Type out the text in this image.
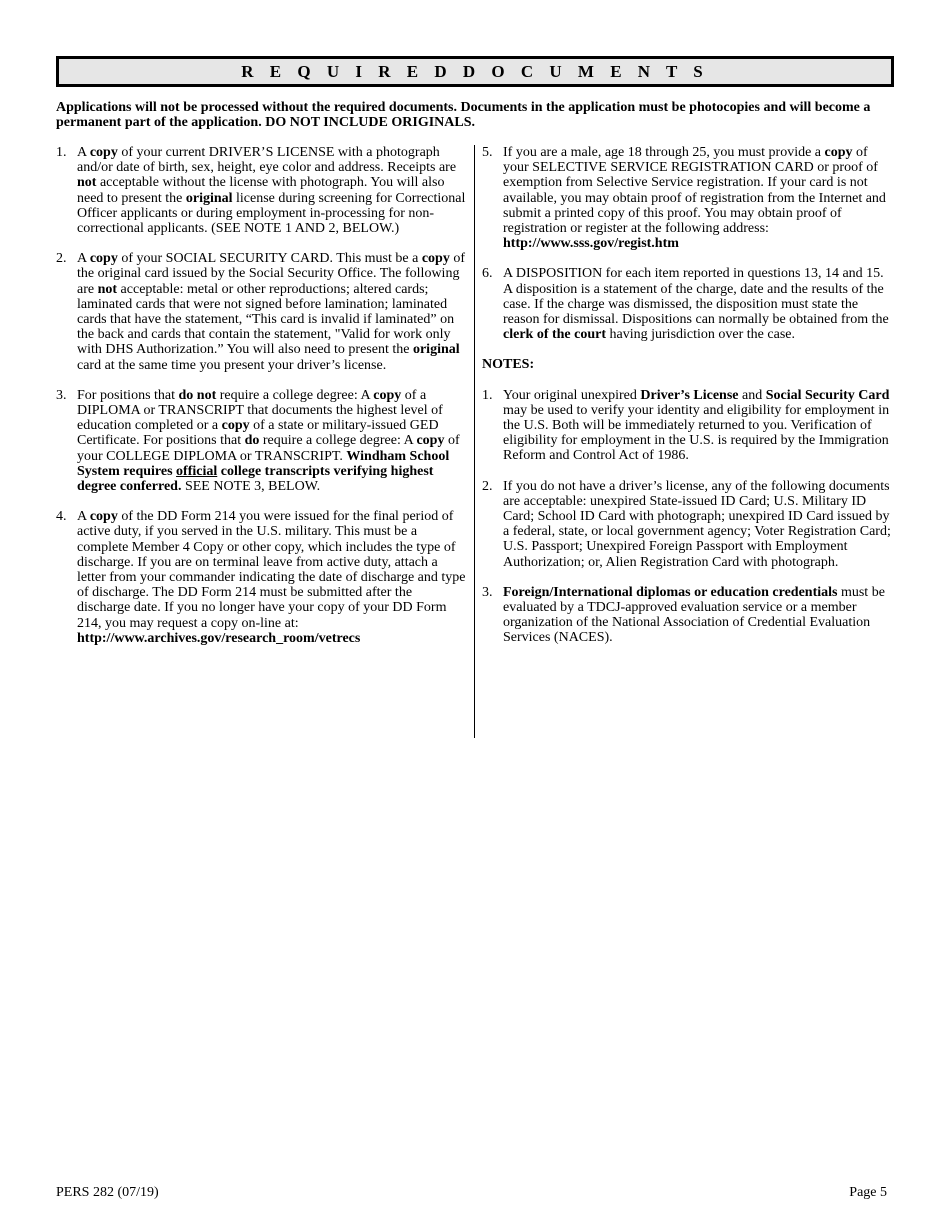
R E Q U I R E D D O C U M E N T S
Applications will not be processed without the required documents. Documents in the application must be photocopies and will become a permanent part of the application. DO NOT INCLUDE ORIGINALS.
1. A copy of your current DRIVER’S LICENSE with a photograph and/or date of birth, sex, height, eye color and address. Receipts are not acceptable without the license with photograph. You will also need to present the original license during screening for Correctional Officer applicants or during employment in-processing for non-correctional applicants. (SEE NOTE 1 AND 2, BELOW.)
2. A copy of your SOCIAL SECURITY CARD. This must be a copy of the original card issued by the Social Security Office. The following are not acceptable: metal or other reproductions; altered cards; laminated cards that were not signed before lamination; laminated cards that have the statement, “This card is invalid if laminated” on the back and cards that contain the statement, "Valid for work only with DHS Authorization.” You will also need to present the original card at the same time you present your driver’s license.
3. For positions that do not require a college degree: A copy of a DIPLOMA or TRANSCRIPT that documents the highest level of education completed or a copy of a state or military-issued GED Certificate. For positions that do require a college degree: A copy of your COLLEGE DIPLOMA or TRANSCRIPT. Windham School System requires official college transcripts verifying highest degree conferred. SEE NOTE 3, BELOW.
4. A copy of the DD Form 214 you were issued for the final period of active duty, if you served in the U.S. military. This must be a complete Member 4 Copy or other copy, which includes the type of discharge. If you are on terminal leave from active duty, attach a letter from your commander indicating the date of discharge and type of discharge. The DD Form 214 must be submitted after the discharge date. If you no longer have your copy of your DD Form 214, you may request a copy on-line at: http://www.archives.gov/research_room/vetrecs
5. If you are a male, age 18 through 25, you must provide a copy of your SELECTIVE SERVICE REGISTRATION CARD or proof of exemption from Selective Service registration. If your card is not available, you may obtain proof of registration from the Internet and submit a printed copy of this proof. You may obtain proof of registration or register at the following address: http://www.sss.gov/regist.htm
6. A DISPOSITION for each item reported in questions 13, 14 and 15. A disposition is a statement of the charge, date and the results of the case. If the charge was dismissed, the disposition must state the reason for dismissal. Dispositions can normally be obtained from the clerk of the court having jurisdiction over the case.
NOTES:
1. Your original unexpired Driver’s License and Social Security Card may be used to verify your identity and eligibility for employment in the U.S. Both will be immediately returned to you. Verification of eligibility for employment in the U.S. is required by the Immigration Reform and Control Act of 1986.
2. If you do not have a driver’s license, any of the following documents are acceptable: unexpired State-issued ID Card; U.S. Military ID Card; School ID Card with photograph; unexpired ID Card issued by a federal, state, or local government agency; Voter Registration Card; U.S. Passport; Unexpired Foreign Passport with Employment Authorization; or, Alien Registration Card with photograph.
3. Foreign/International diplomas or education credentials must be evaluated by a TDCJ-approved evaluation service or a member organization of the National Association of Credential Evaluation Services (NACES).
PERS 282 (07/19)	Page 5
